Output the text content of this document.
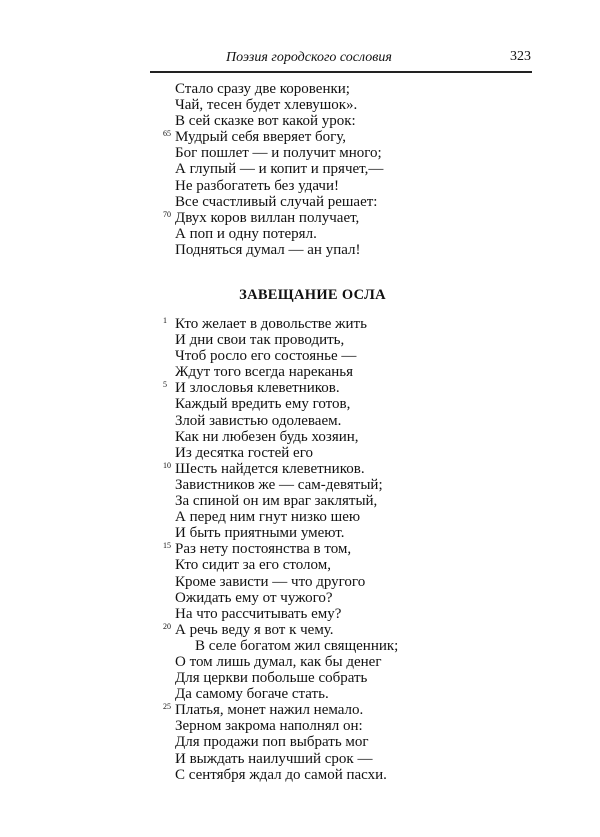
Поэзия городского сословия	323
Стало сразу две коровенки;
Чай, тесен будет хлевушок».
В сей сказке вот какой урок:
65 Мудрый себя вверяет богу,
Бог пошлет — и получит много;
А глупый — и копит и прячет,—
Не разбогатеть без удачи!
Все счастливый случай решает:
70 Двух коров виллан получает,
А поп и одну потерял.
Подняться думал — ан упал!
ЗАВЕЩАНИЕ ОСЛА
1 Кто желает в довольстве жить
И дни свои так проводить,
Чтоб росло его состоянье —
Ждут того всегда нареканья
5 И злословья клеветников.
Каждый вредить ему готов,
Злой завистью одолеваем.
Как ни любезен будь хозяин,
Из десятка гостей его
10 Шесть найдется клеветников.
Завистников же — сам-девятый;
За спиной он им враг заклятый,
А перед ним гнут низко шею
И быть приятными умеют.
15 Раз нету постоянства в том,
Кто сидит за его столом,
Кроме зависти — что другого
Ожидать ему от чужого?
На что рассчитывать ему?
20 А речь веду я вот к чему.
В селе богатом жил священник;
О том лишь думал, как бы денег
Для церкви побольше собрать
Да самому богаче стать.
25 Платья, монет нажил немало.
Зерном закрома наполнял он:
Для продажи поп выбрать мог
И выждать наилучший срок —
С сентября ждал до самой пасхи.
